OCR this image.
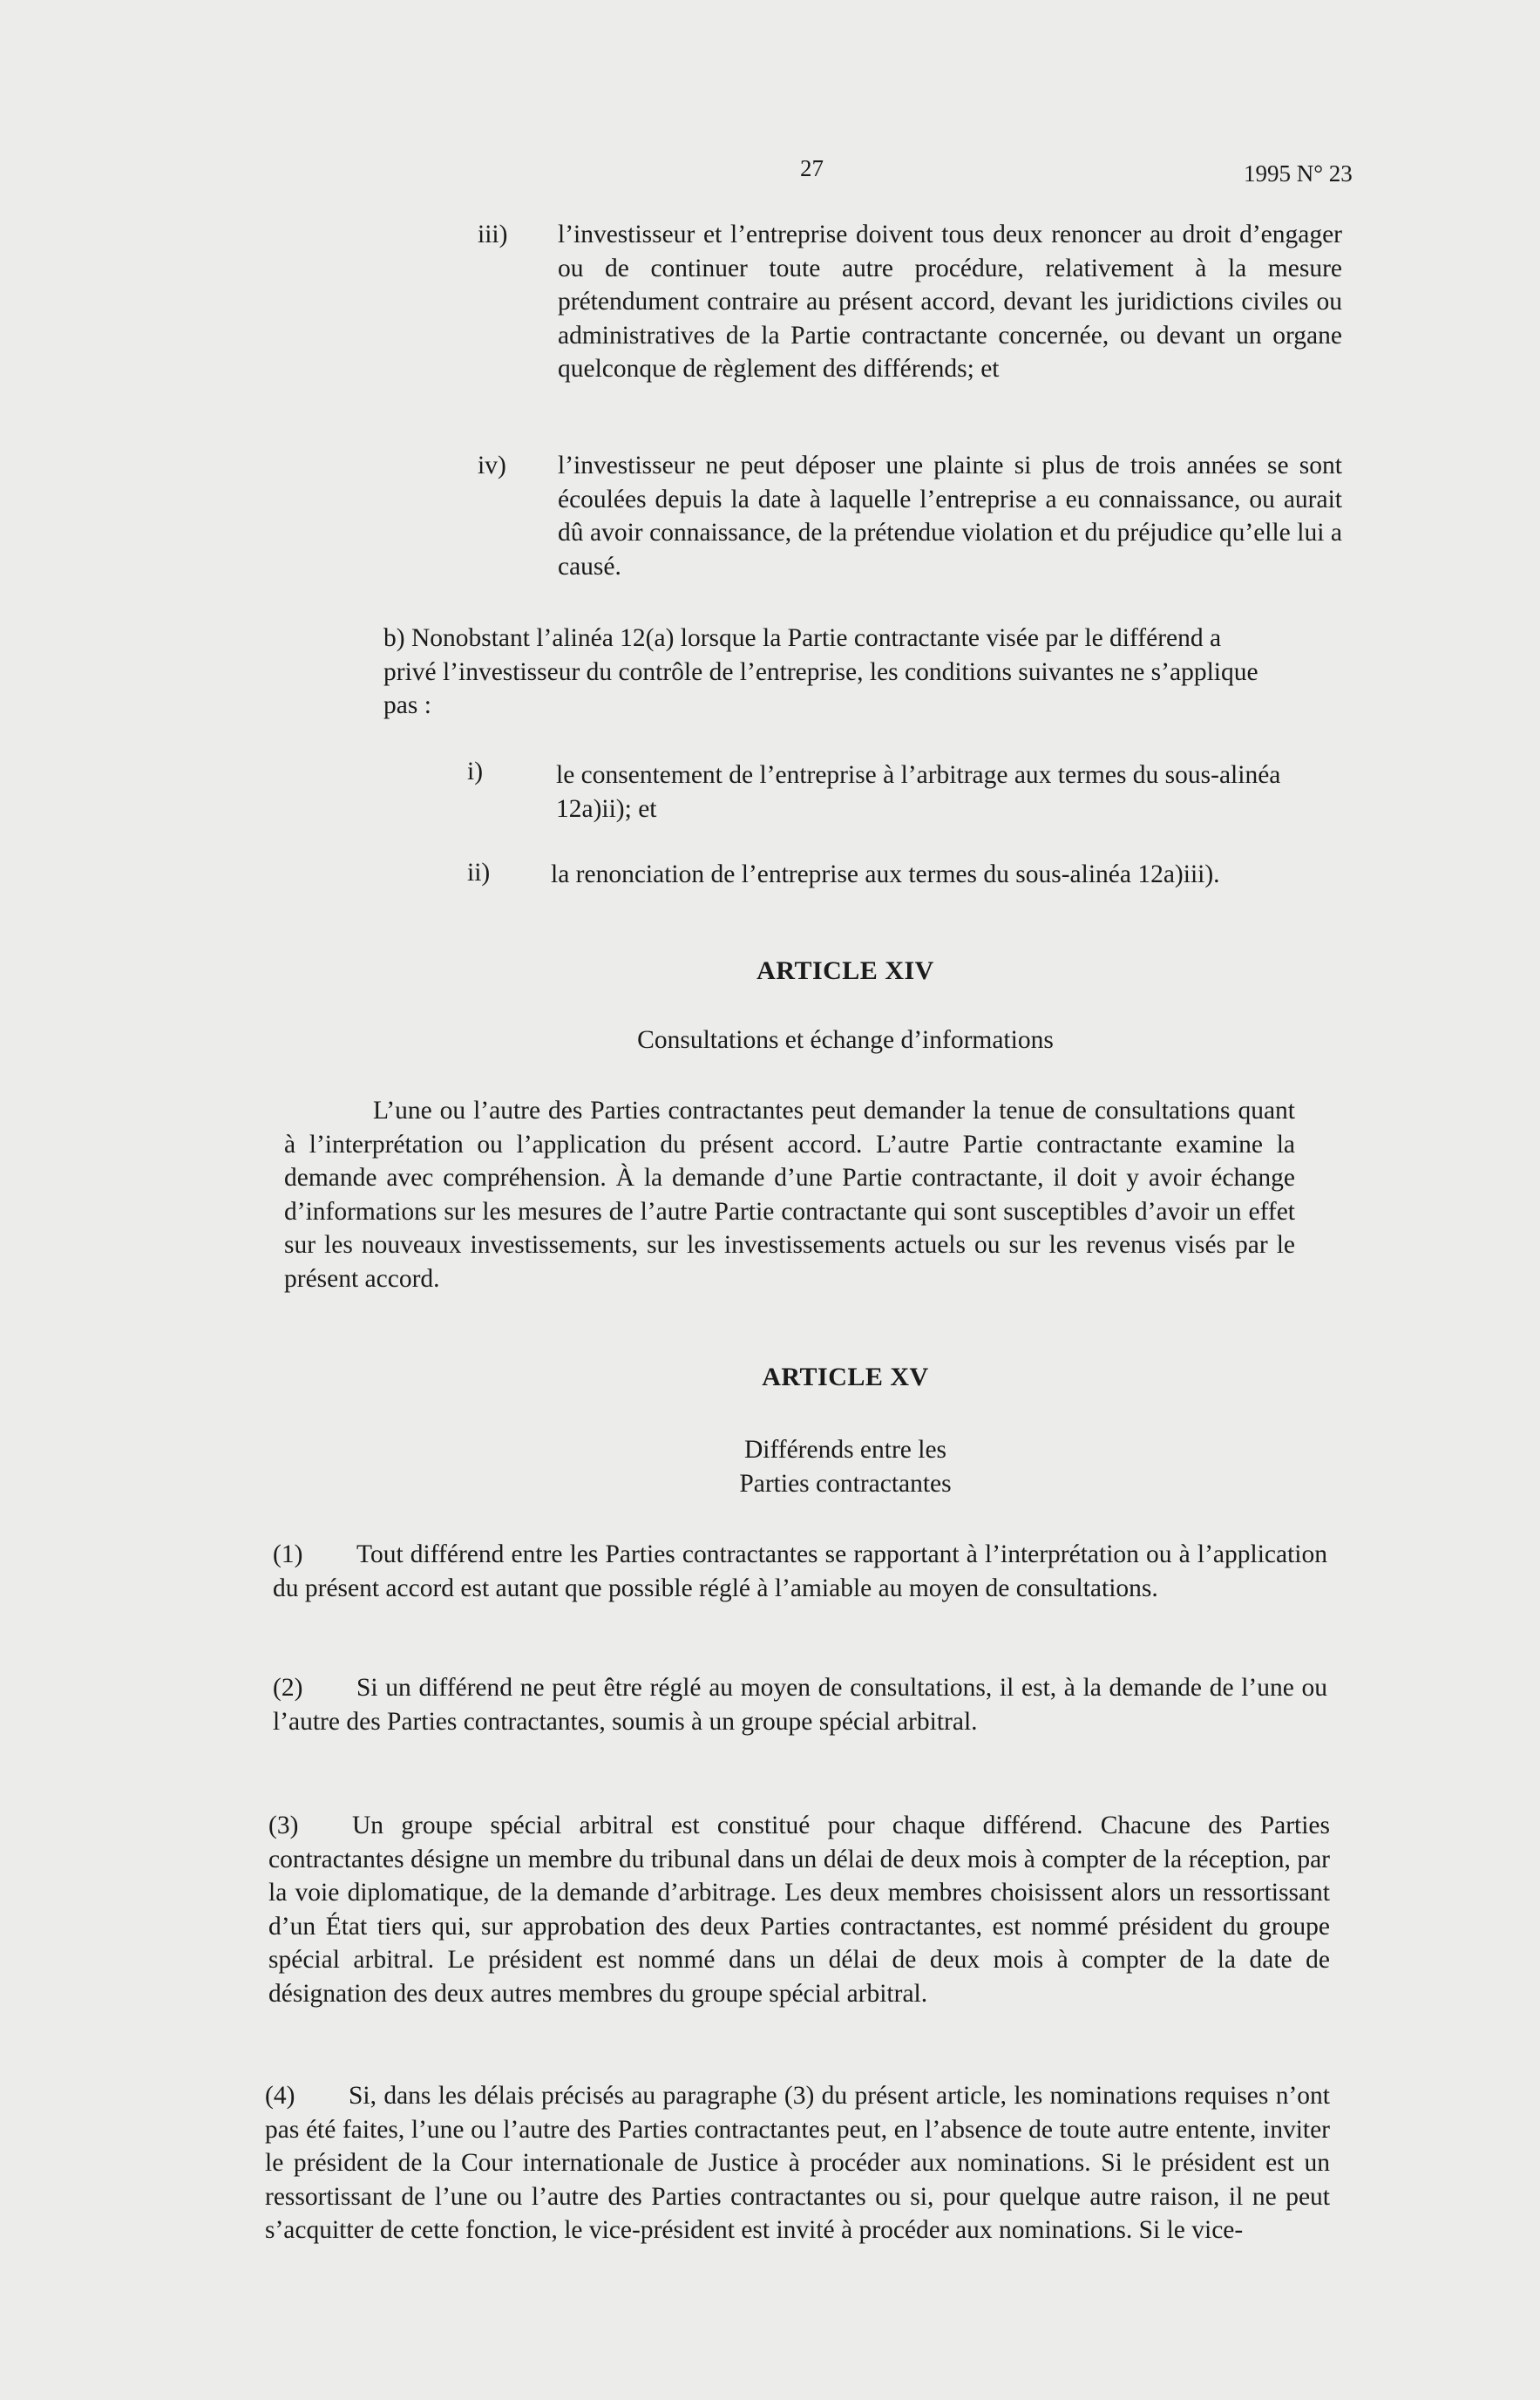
27	1995 N° 23
iii) l’investisseur et l’entreprise doivent tous deux renoncer au droit d’engager ou de continuer toute autre procédure, relativement à la mesure prétendument contraire au présent accord, devant les juridictions civiles ou administratives de la Partie contractante concernée, ou devant un organe quelconque de règlement des différends; et

iv) l’investisseur ne peut déposer une plainte si plus de trois années se sont écoulées depuis la date à laquelle l’entreprise a eu connaissance, ou aurait dû avoir connaissance, de la prétendue violation et du préjudice qu’elle lui a causé.

b) Nonobstant l’alinéa 12(a) lorsque la Partie contractante visée par le différend a privé l’investisseur du contrôle de l’entreprise, les conditions suivantes ne s’applique pas :

i)	le consentement de l’entreprise à l’arbitrage aux termes du sous-alinéa 12a)ii); et

ii) la renonciation de l’entreprise aux termes du sous-alinéa 12a)iii).

ARTICLE XIV
Consultations et échange d’informations

L’une ou l’autre des Parties contractantes peut demander la tenue de consultations quant à l’interprétation ou l’application du présent accord. L’autre Partie contractante examine la demande avec compréhension. À la demande d’une Partie contractante, il doit y avoir échange d’informations sur les mesures de l’autre Partie contractante qui sont susceptibles d’avoir un effet sur les nouveaux investissements, sur les investissements actuels ou sur les revenus visés par le présent accord.

ARTICLE XV
Différends entre les
Parties contractantes

(1) Tout différend entre les Parties contractantes se rapportant à l’interprétation ou à l’application du présent accord est autant que possible réglé à l’amiable au moyen de consultations.

(2) Si un différend ne peut être réglé au moyen de consultations, il est, à la demande de l’une ou l’autre des Parties contractantes, soumis à un groupe spécial arbitral.

(3) Un groupe spécial arbitral est constitué pour chaque différend. Chacune des Parties contractantes désigne un membre du tribunal dans un délai de deux mois à compter de la réception, par la voie diplomatique, de la demande d’arbitrage. Les deux membres choisissent alors un ressortissant d’un État tiers qui, sur approbation des deux Parties contractantes, est nommé président du groupe spécial arbitral. Le président est nommé dans un délai de deux mois à compter de la date de désignation des deux autres membres du groupe spécial arbitral.

(4) Si, dans les délais précisés au paragraphe (3) du présent article, les nominations requises n’ont pas été faites, l’une ou l’autre des Parties contractantes peut, en l’absence de toute autre entente, inviter le président de la Cour internationale de Justice à procéder aux nominations. Si le président est un ressortissant de l’une ou l’autre des Parties contractantes ou si, pour quelque autre raison, il ne peut s’acquitter de cette fonction, le vice-président est invité à procéder aux nominations. Si le vice-
